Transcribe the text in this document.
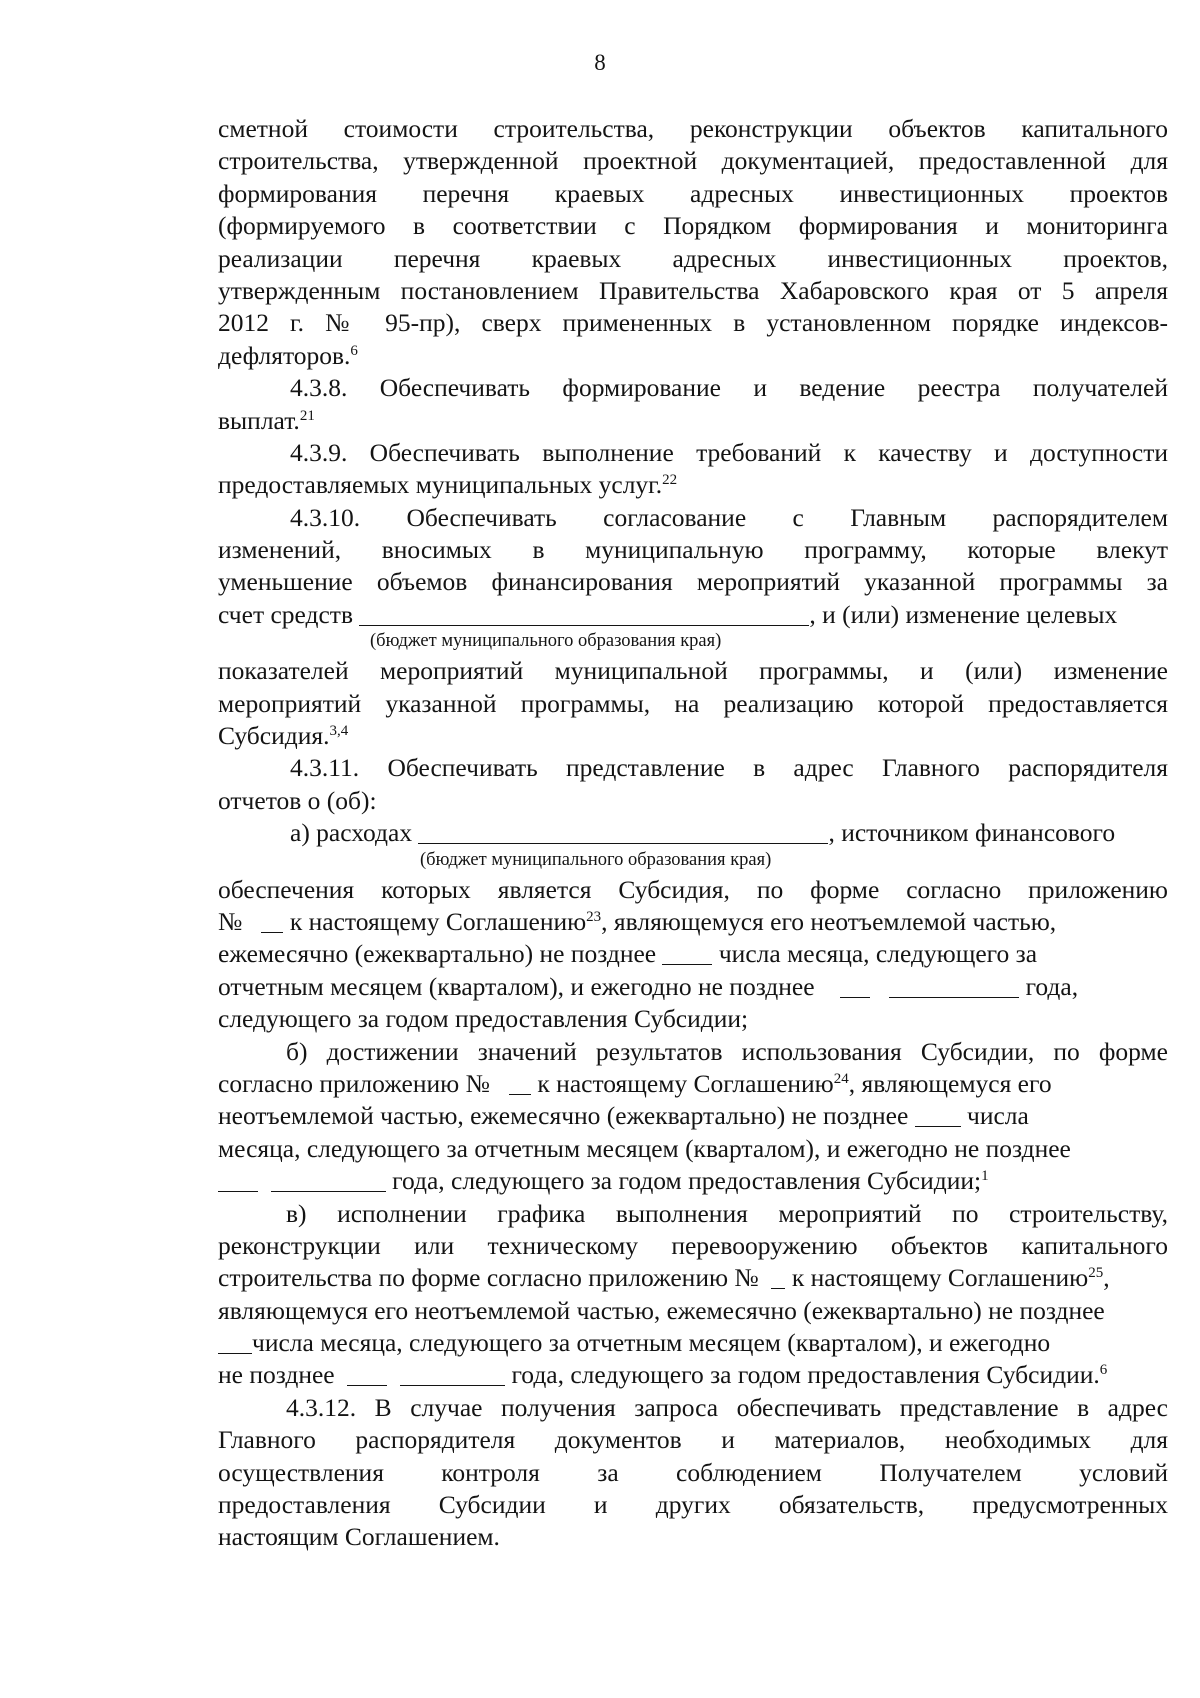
8
сметной стоимости строительства, реконструкции объектов капитального
строительства, утвержденной проектной документацией, предоставленной для
формирования перечня краевых адресных инвестиционных проектов
(формируемого в соответствии с Порядком формирования и мониторинга
реализации перечня краевых адресных инвестиционных проектов,
утвержденным постановлением Правительства Хабаровского края от 5 апреля
2012 г. № 95-пр), сверх примененных в установленном порядке индексов-
дефляторов.$^6$
4.3.8. Обеспечивать формирование и ведение реестра получателей
выплат.$^{21}$
4.3.9. Обеспечивать выполнение требований к качеству и доступности
предоставляемых муниципальных услуг.$^{22}$
4.3.10. Обеспечивать согласование с Главным распорядителем
изменений, вносимых в муниципальную программу, которые влекут
уменьшение объемов финансирования мероприятий указанной программы за
счет средств	, и (или) изменение целевых
(бюджет муниципального образования края)
показателей мероприятий муниципальной программы, и (или) изменение
мероприятий указанной программы, на реализацию которой предоставляется
Субсидия.$^{3,4}$
4.3.11. Обеспечивать представление в адрес Главного распорядителя
отчетов о (об):
а) расходах	, источником финансового
(бюджет муниципального образования края)
обеспечения которых является Субсидия, по форме согласно приложению
№ к настоящему Соглашению$^{23}$, являющемуся его неотъемлемой частью,
ежемесячно (ежеквартально) не позднее числа месяца, следующего за
отчетным месяцем (кварталом), и ежегодно не позднее	года,
следующего за годом предоставления Субсидии;
б) достижении значений результатов использования Субсидии, по форме
согласно приложению № к настоящему Соглашению$^{24}$, являющемуся его
неотъемлемой частью, ежемесячно (ежеквартально) не позднее числа
месяца, следующего за отчетным месяцем (кварталом), и ежегодно не позднее
года, следующего за годом предоставления Субсидии;$^1$
в) исполнении графика выполнения мероприятий по строительству,
реконструкции или техническому перевооружению объектов капитального
строительства по форме согласно приложению № к настоящему Соглашению$^{25}$,
являющемуся его неотъемлемой частью, ежемесячно (ежеквартально) не позднее
числа месяца, следующего за отчетным месяцем (кварталом), и ежегодно
не позднее	года, следующего за годом предоставления Субсидии.$^6$
4.3.12. В случае получения запроса обеспечивать представление в адрес
Главного распорядителя документов и материалов, необходимых для
осуществления контроля за соблюдением Получателем условий
предоставления Субсидии и других обязательств, предусмотренных
настоящим Соглашением.
